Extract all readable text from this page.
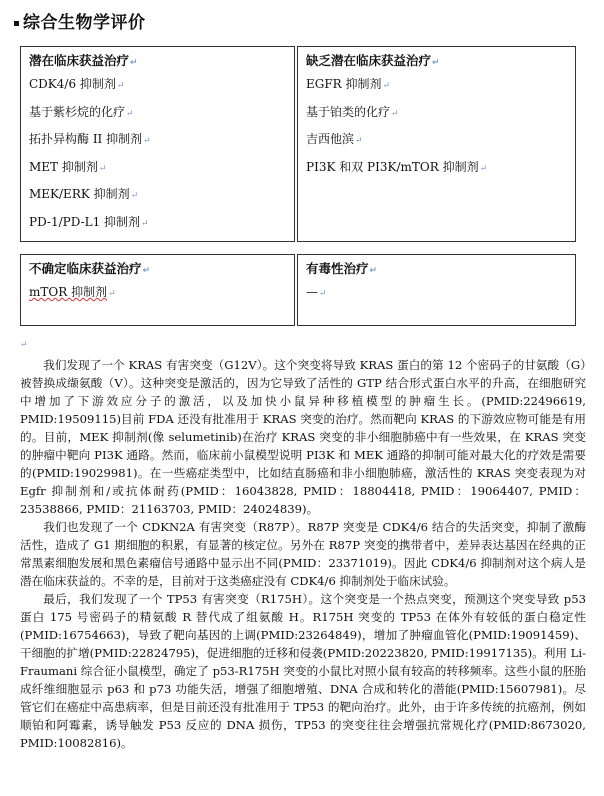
综合生物学评价
潜在临床获益治疗↵
CDK4/6 抑制剂↵
基于紫杉烷的化疗↵
拓扑异构酶 II 抑制剂↵
MET 抑制剂↵
MEK/ERK 抑制剂↵
PD-1/PD-L1 抑制剂↵
缺乏潜在临床获益治疗↵
EGFR 抑制剂↵
基于铂类的化疗↵
吉西他滨↵
PI3K 和双 PI3K/mTOR 抑制剂↵
不确定临床获益治疗↵
mTOR 抑制剂↵
有毒性治疗↵
—↵
↵

我们发现了一个 KRAS 有害突变（G12V）。这个突变将导致 KRAS 蛋白的第 12 个密码子的甘氨酸（G）被替换成缬氨酸（V）。这种突变是激活的，因为它导致了活性的 GTP 结合形式蛋白水平的升高，在细胞研究中增加了下游效应分子的激活，以及加快小鼠异种移植模型的肿瘤生长。(PMID:22496619, PMID:19509115)目前 FDA 还没有批准用于 KRAS 突变的治疗。然而靶向 KRAS 的下游效应物可能是有用的。目前，MEK 抑制剂(像 selumetinib)在治疗 KRAS 突变的非小细胞肺癌中有一些效果，在 KRAS 突变的肿瘤中靶向 PI3K 通路。然而，临床前小鼠模型说明 PI3K 和 MEK 通路的抑制可能对最大化的疗效是需要的(PMID:19029981)。在一些癌症类型中，比如结直肠癌和非小细胞肺癌，激活性的 KRAS 突变表现为对 Egfr 抑制剂和/或抗体耐药(PMID：16043828, PMID：18804418, PMID：19064407, PMID：23538866, PMID：21163703, PMID：24024839)。

我们也发现了一个 CDKN2A 有害突变（R87P）。R87P 突变是 CDK4/6 结合的失活突变，抑制了激酶活性，造成了 G1 期细胞的积累，有显著的核定位。另外在 R87P 突变的携带者中，差异表达基因在经典的正常黑素细胞发展和黑色素瘤信号通路中显示出不同(PMID：23371019)。因此 CDK4/6 抑制剂对这个病人是潜在临床获益的。不幸的是，目前对于这类癌症没有 CDK4/6 抑制剂处于临床试验。

最后，我们发现了一个 TP53 有害突变（R175H）。这个突变是一个热点突变，预测这个突变导致 p53 蛋白 175 号密码子的精氨酸 R 替代成了组氨酸 H。R175H 突变的 TP53 在体外有较低的蛋白稳定性(PMID:16754663)，导致了靶向基因的上调(PMID:23264849)，增加了肿瘤血管化(PMID:19091459)、干细胞的扩增(PMID:22824795)，促进细胞的迁移和侵袭(PMID:20223820, PMID:19917135)。利用 Li-Fraumani 综合征小鼠模型，确定了 p53-R175H 突变的小鼠比对照小鼠有较高的转移频率。这些小鼠的胚胎成纤维细胞显示 p63 和 p73 功能失活，增强了细胞增殖、DNA 合成和转化的潜能(PMID:15607981)。尽管它们在癌症中高患病率，但是目前还没有批准用于 TP53 的靶向治疗。此外，由于许多传统的抗癌剂，例如顺铂和阿霉素，诱导触发 P53 反应的 DNA 损伤，TP53 的突变往往会增强抗常规化疗(PMID:8673020, PMID:10082816)。
